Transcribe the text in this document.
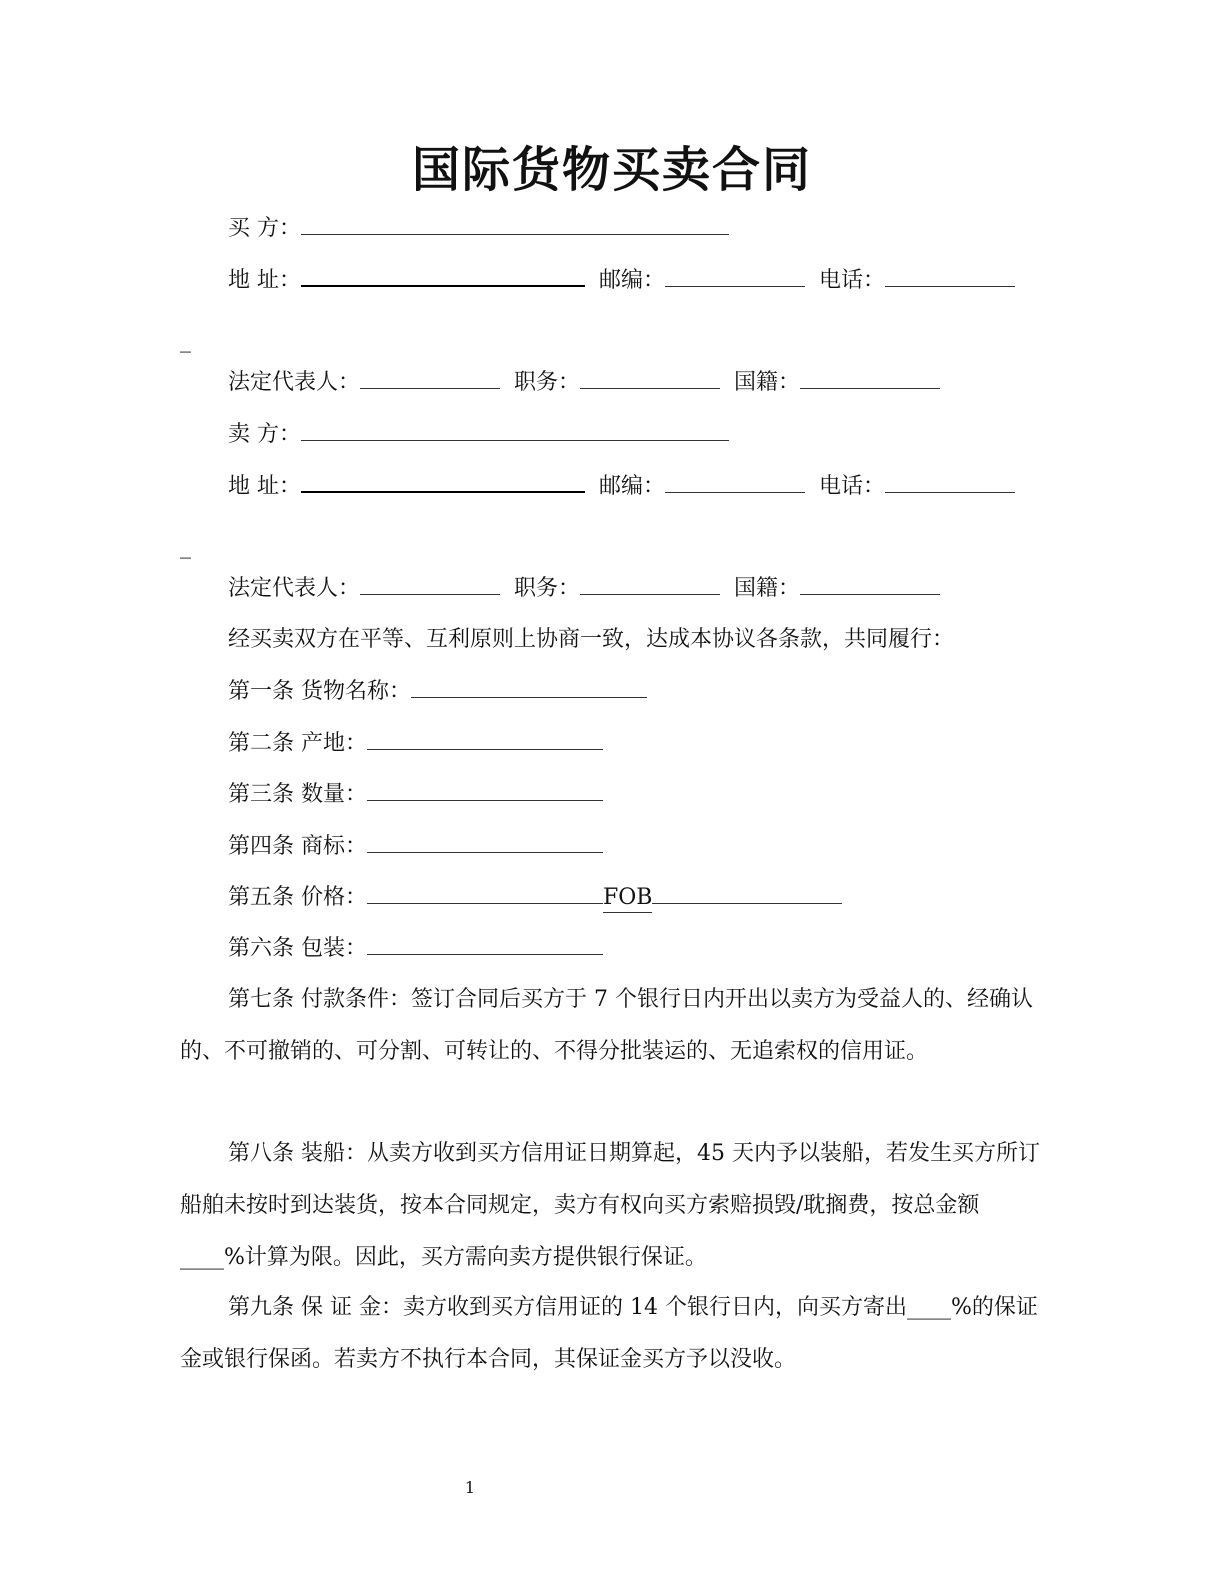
国际货物买卖合同
买 方：
地 址：	邮编：	电话：
_
法定代表人：	职务：	国籍：
卖 方：
地 址：	邮编：	电话：
_
法定代表人：	职务：	国籍：
经买卖双方在平等、互利原则上协商一致，达成本协议各条款，共同履行：
第一条 货物名称：
第二条 产地：
第三条 数量：
第四条 商标：
第五条 价格：	FOB
第六条 包装：
第七条 付款条件：签订合同后买方于 7 个银行日内开出以卖方为受益人的、经确认的、不可撤销的、可分割、可转让的、不得分批装运的、无追索权的信用证。
第八条 装船：从卖方收到买方信用证日期算起，45 天内予以装船，若发生买方所订船舶未按时到达装货，按本合同规定，卖方有权向买方索赔损毁/耽搁费，按总金额____%计算为限。因此，买方需向卖方提供银行保证。
第九条 保 证 金：卖方收到买方信用证的 14 个银行日内，向买方寄出____%的保证金或银行保函。若卖方不执行本合同，其保证金买方予以没收。
1
